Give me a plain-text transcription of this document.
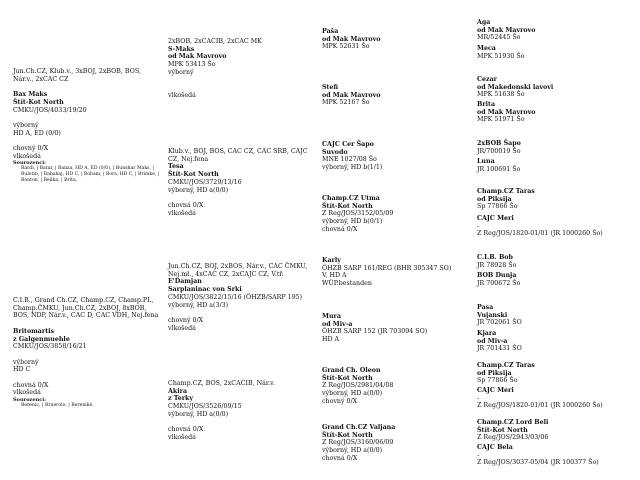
Jun.Ch.CZ, Klub.v., 3xBOJ, 2xBOB, BOS, Nár.v., 2xCAC CZ
Bax Maks
Štít-Kot North
CMKU/JOS/4033/19/20
výborný
HD A, ED (0/0)
chovný 0/X
vlkošedá
Sourozenci:
Bardi, | Batar, | Banza, HD A, ED (0/0), | Bunshar Maks, | Bulotin, | Babakaj, HD C, | Boham, | Bors, HD C, | Brimke, | Bonton, | Beilka, | Brita,
C.I.B., Grand Ch.CZ, Champ.CZ, Champ.PL, Champ.ČMKU, Jun.Ch.CZ, 2xBOJ, 8xBOB, BOS, NDP, Nár.v., CAC D, CAC VDH, Nej.fena
Britomartis
z Galgenmuehle
CMKU/JOS/3858/16/21
výborný
HD C
chovná 0/X
vlkošedá
Sourozenci:
Bereniс, | Bruerolo, | Berenikë,
2xBOB, 2xCACIB, 2xCAC MK
S-Maks
od Mak Mavrovo
MPK 53413 Šo
výborný
vlkošedá
Klub.v., BOJ, BOS, CAC CZ, CAC SRB, CAJC CZ, Nej.fena
Tesa
Štít-Kot North
CMKU/JOS/3729/13/16
výborný, HD a(0/0)
chovná 0/X
vlkošedá
Jun.Ch.CZ, BOJ, 2xBOS, Nár.v., CAC ČMKU,
Nej.mł., 4xCAC CZ, 2xCAJC CZ, V.tř.
E'Damjan
Sarplaninac von Srki
CMKU/JOS/3822/15/16 (ÖHZB/SARP 195)
výborný, HD a(3/3)
chovný 0/X
vlkošedá
Champ.CZ, BOS, 2xCACIB, Nár.v.
Akira
z Terky
CMKU/JOS/3526/09/15
výborný, HD a(0/0)
chovná 0/X
vlkošedá
Paša
od Mak Mavrovo
MPK 52631 Šo
Stefi
od Mak Mavrovo
MPK 52167 Šo
CAJC Cer Šapo
Suvodo
MNE 1027/08 Šo
výborný, HD b(1/1)
Champ.CZ Utma
Štít-Kot North
Z Reg/JOS/3152/05/09
výborný, HD b(0/1)
chovná 0/X
Karly
ÖHZB SARP 161/REG (BHR 305347 SO)
V, HD A
WÜP.bestanden
Mura
od Miv-a
ÖHZB SARP 152 (JR 703094 SO)
HD A
Grand Ch. Oleon
Štít-Kot North
Z Reg/JOS/2981/04/08
výborný, HD a(0/0)
chovný 0/X
Grand Ch.CZ Valjana
Štít-Kot North
Z Reg/JOS/3160/06/09
výborný, HD a(0/0)
chovná 0/X
Aga
od Mak Mavrovo
MR/52445 Šo
Meca
MPK 51930 Šo
Cezar
od Makedonski lavovi
MPK 51638 Šo
Brita
od Mak Mavrovo
MPK 51971 Šo
2xBOB Šapo
JR/700019 Šo
Luna
JR 100691 Šo
Champ.CZ Taras
od Piksija
Sp 77866 Šo
CAJC Meri
-
Z Reg/JOS/1820-01/01 (JR 1000260 Šo)
C.I.B. Bob
JR 78928 Šo
BOB Dunja
JR 700672 Šo
Pasa
Vujanski
JR 702061 ŠO
Kjara
od Miv-a
JR 701431 ŠO
Champ.CZ Taras
od Piksija
Sp 77866 Šo
CAJC Meri
-
Z Reg/JOS/1820-01/01 (JR 1000260 Šo)
Champ.CZ Lord Beli
Štít-Kot North
Z Reg/JOS/2943/03/06
CAJC Bela
-
Z Reg/JOS/3037-05/04 (JR 100377 Šo)
